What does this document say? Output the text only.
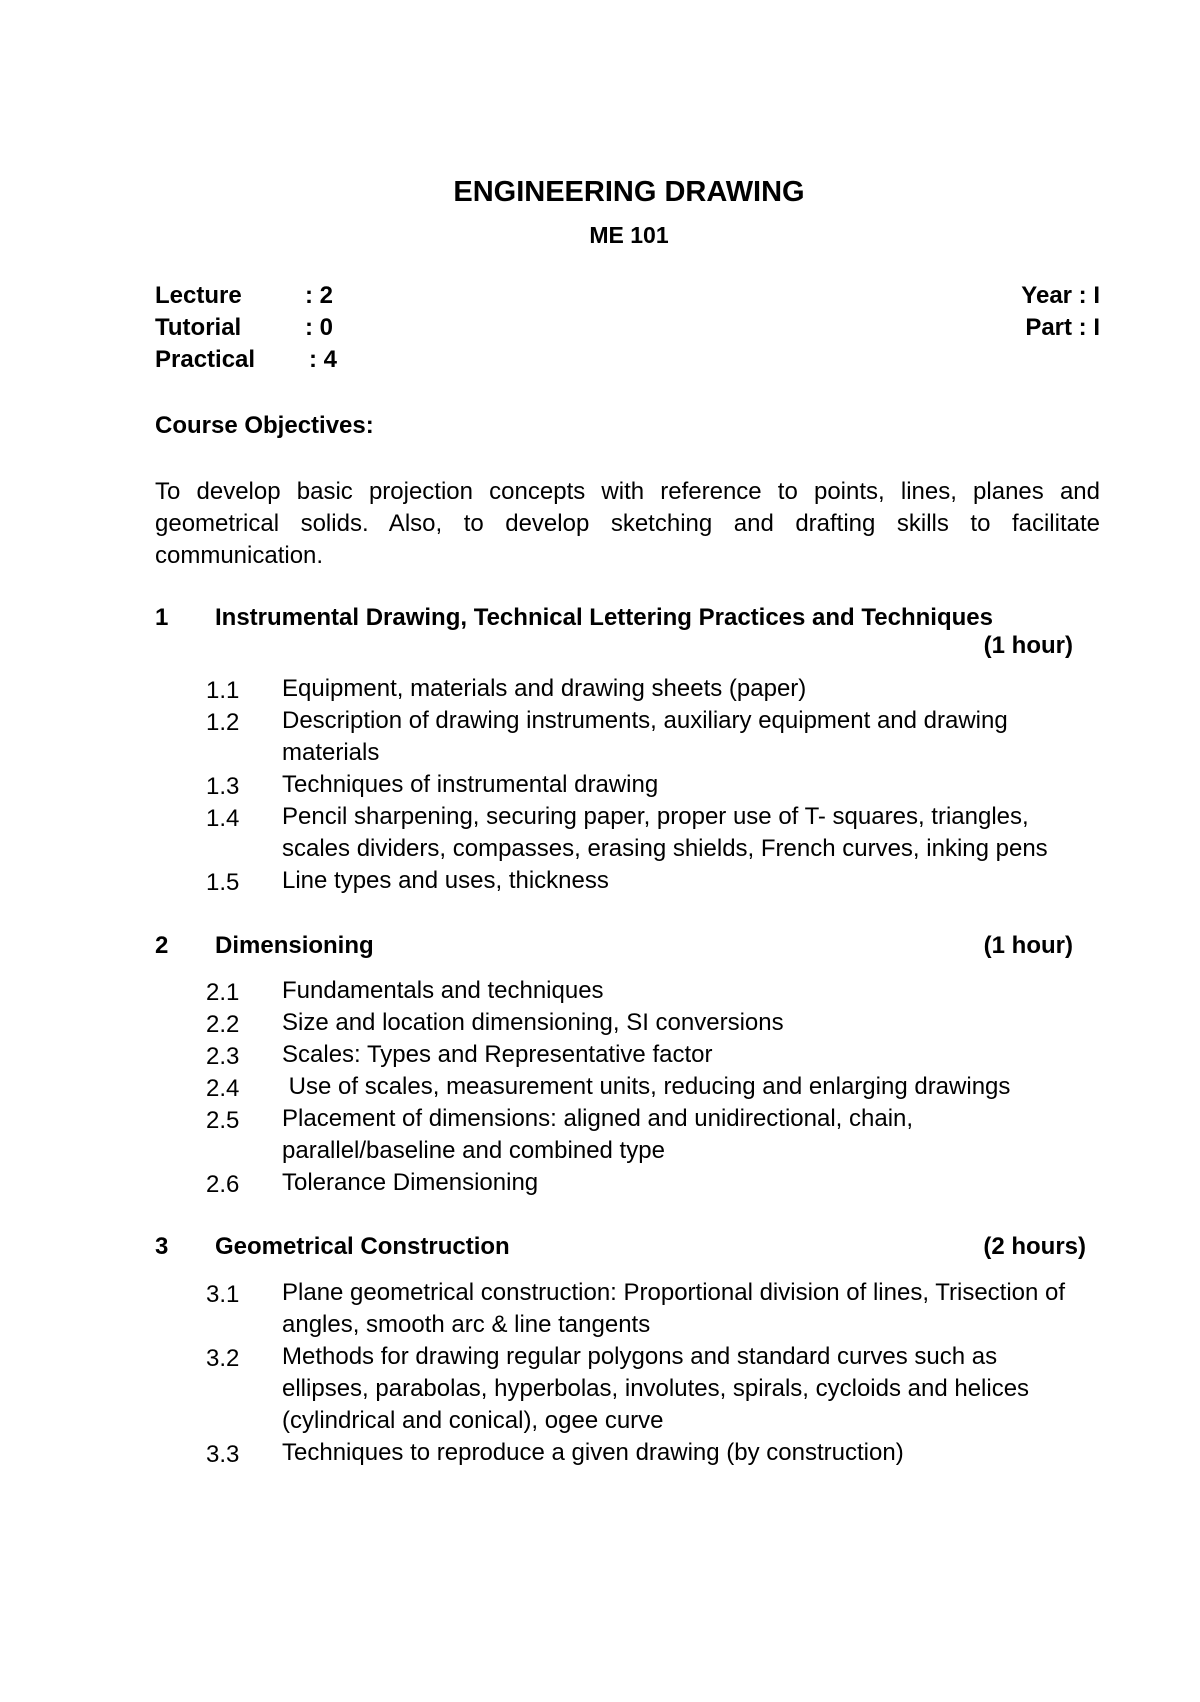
ENGINEERING DRAWING
ME 101
Lecture	: 2	Year : I
Tutorial	: 0	Part : I
Practical : 4
Course Objectives:
To develop basic projection concepts with reference to points, lines, planes and geometrical solids. Also, to develop sketching and drafting skills to facilitate communication.
1 Instrumental Drawing, Technical Lettering Practices and Techniques
(1 hour)
1.1 Equipment, materials and drawing sheets (paper)
1.2 Description of drawing instruments, auxiliary equipment and drawing
materials
1.3 Techniques of instrumental drawing
1.4 Pencil sharpening, securing paper, proper use of T- squares, triangles,
scales dividers, compasses, erasing shields, French curves, inking pens
1.5 Line types and uses, thickness
2 Dimensioning	(1 hour)
2.1 Fundamentals and techniques
2.2 Size and location dimensioning, SI conversions
2.3 Scales: Types and Representative factor
2.4 Use of scales, measurement units, reducing and enlarging drawings
2.5 Placement of dimensions: aligned and unidirectional, chain,
parallel/baseline and combined type
2.6 Tolerance Dimensioning
3 Geometrical Construction	(2 hours)
3.1 Plane geometrical construction: Proportional division of lines, Trisection of
angles, smooth arc & line tangents
3.2 Methods for drawing regular polygons and standard curves such as
ellipses, parabolas, hyperbolas, involutes, spirals, cycloids and helices
(cylindrical and conical), ogee curve
3.3 Techniques to reproduce a given drawing (by construction)
